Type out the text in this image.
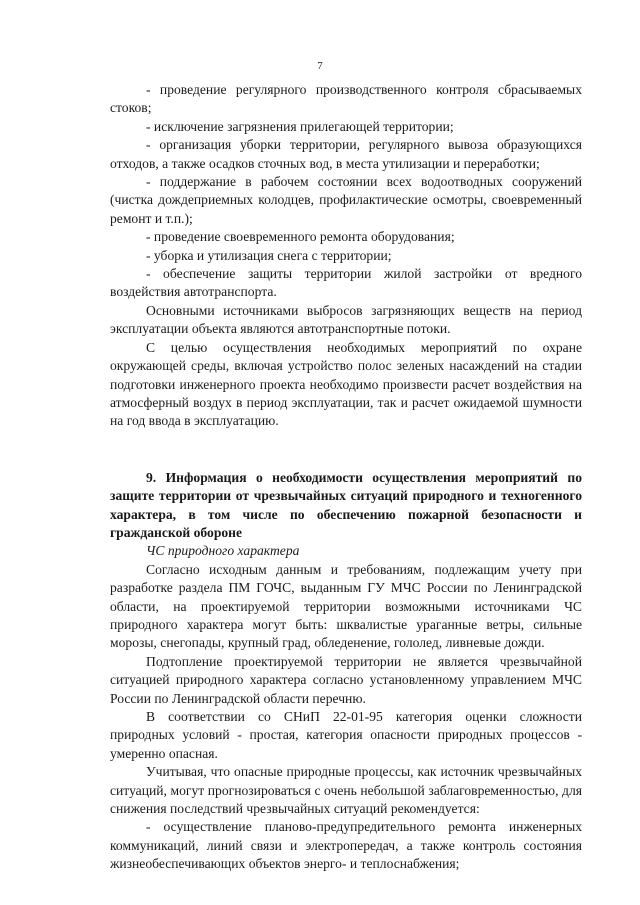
7

- проведение регулярного производственного контроля сбрасываемых стоков;

- исключение загрязнения прилегающей территории;

- организация уборки территории, регулярного вывоза образующихся отходов, а также осадков сточных вод, в места утилизации и переработки;

- поддержание в рабочем состоянии всех водоотводных сооружений (чистка дождеприемных колодцев, профилактические осмотры, своевременный ремонт и т.п.);

- проведение своевременного ремонта оборудования;

- уборка и утилизация снега с территории;

- обеспечение защиты территории жилой застройки от вредного воздействия автотранспорта.

Основными источниками выбросов загрязняющих веществ на период эксплуатации объекта являются автотранспортные потоки.

С целью осуществления необходимых мероприятий по охране окружающей среды, включая устройство полос зеленых насаждений на стадии подготовки инженерного проекта необходимо произвести расчет воздействия на атмосферный воздух в период эксплуатации, так и расчет ожидаемой шумности на год ввода в эксплуатацию.

9. Информация о необходимости осуществления мероприятий по защите территории от чрезвычайных ситуаций природного и техногенного характера, в том числе по обеспечению пожарной безопасности и гражданской обороне

ЧС природного характера

Согласно исходным данным и требованиям, подлежащим учету при разработке раздела ПМ ГОЧС, выданным ГУ МЧС России по Ленинградской области, на проектируемой территории возможными источниками ЧС природного характера могут быть: шквалистые ураганные ветры, сильные морозы, снегопады, крупный град, обледенение, гололед, ливневые дожди.

Подтопление проектируемой территории не является чрезвычайной ситуацией природного характера согласно установленному управлением МЧС России по Ленинградской области перечню.

В соответствии со СНиП 22-01-95 категория оценки сложности природных условий - простая, категория опасности природных процессов - умеренно опасная.

Учитывая, что опасные природные процессы, как источник чрезвычайных ситуаций, могут прогнозироваться с очень небольшой заблаговременностью, для снижения последствий чрезвычайных ситуаций рекомендуется:

- осуществление планово-предупредительного ремонта инженерных коммуникаций, линий связи и электропередач, а также контроль состояния жизнеобеспечивающих объектов энерго- и теплоснабжения;
